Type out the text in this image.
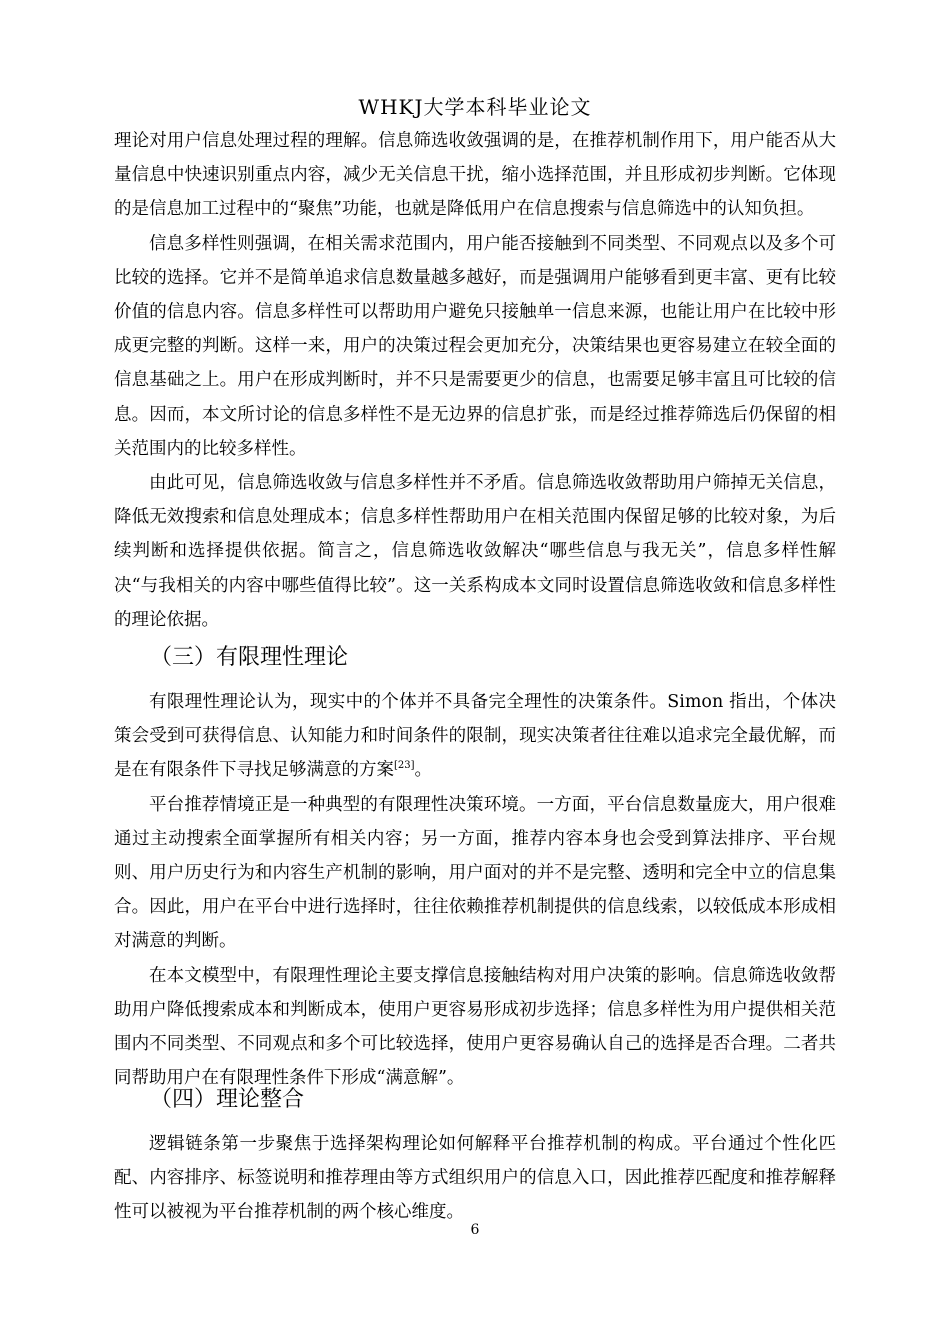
WHKJ大学本科毕业论文

理论对用户信息处理过程的理解。信息筛选收敛强调的是，在推荐机制作用下，用户能否从大量信息中快速识别重点内容，减少无关信息干扰，缩小选择范围，并且形成初步判断。它体现的是信息加工过程中的“聚焦”功能，也就是降低用户在信息搜索与信息筛选中的认知负担。

信息多样性则强调，在相关需求范围内，用户能否接触到不同类型、不同观点以及多个可比较的选择。它并不是简单追求信息数量越多越好，而是强调用户能够看到更丰富、更有比较价值的信息内容。信息多样性可以帮助用户避免只接触单一信息来源，也能让用户在比较中形成更完整的判断。这样一来，用户的决策过程会更加充分，决策结果也更容易建立在较全面的信息基础之上。用户在形成判断时，并不只是需要更少的信息，也需要足够丰富且可比较的信息。因而，本文所讨论的信息多样性不是无边界的信息扩张，而是经过推荐筛选后仍保留的相关范围内的比较多样性。

由此可见，信息筛选收敛与信息多样性并不矛盾。信息筛选收敛帮助用户筛掉无关信息，降低无效搜索和信息处理成本；信息多样性帮助用户在相关范围内保留足够的比较对象，为后续判断和选择提供依据。简言之，信息筛选收敛解决“哪些信息与我无关”，信息多样性解决“与我相关的内容中哪些值得比较”。这一关系构成本文同时设置信息筛选收敛和信息多样性的理论依据。

（三）有限理性理论

有限理性理论认为，现实中的个体并不具备完全理性的决策条件。Simon 指出，个体决策会受到可获得信息、认知能力和时间条件的限制，现实决策者往往难以追求完全最优解，而是在有限条件下寻找足够满意的方案[23]。

平台推荐情境正是一种典型的有限理性决策环境。一方面，平台信息数量庞大，用户很难通过主动搜索全面掌握所有相关内容；另一方面，推荐内容本身也会受到算法排序、平台规则、用户历史行为和内容生产机制的影响，用户面对的并不是完整、透明和完全中立的信息集合。因此，用户在平台中进行选择时，往往依赖推荐机制提供的信息线索，以较低成本形成相对满意的判断。

在本文模型中，有限理性理论主要支撑信息接触结构对用户决策的影响。信息筛选收敛帮助用户降低搜索成本和判断成本，使用户更容易形成初步选择；信息多样性为用户提供相关范围内不同类型、不同观点和多个可比较选择，使用户更容易确认自己的选择是否合理。二者共同帮助用户在有限理性条件下形成“满意解”。

（四）理论整合

逻辑链条第一步聚焦于选择架构理论如何解释平台推荐机制的构成。平台通过个性化匹配、内容排序、标签说明和推荐理由等方式组织用户的信息入口，因此推荐匹配度和推荐解释性可以被视为平台推荐机制的两个核心维度。

6
